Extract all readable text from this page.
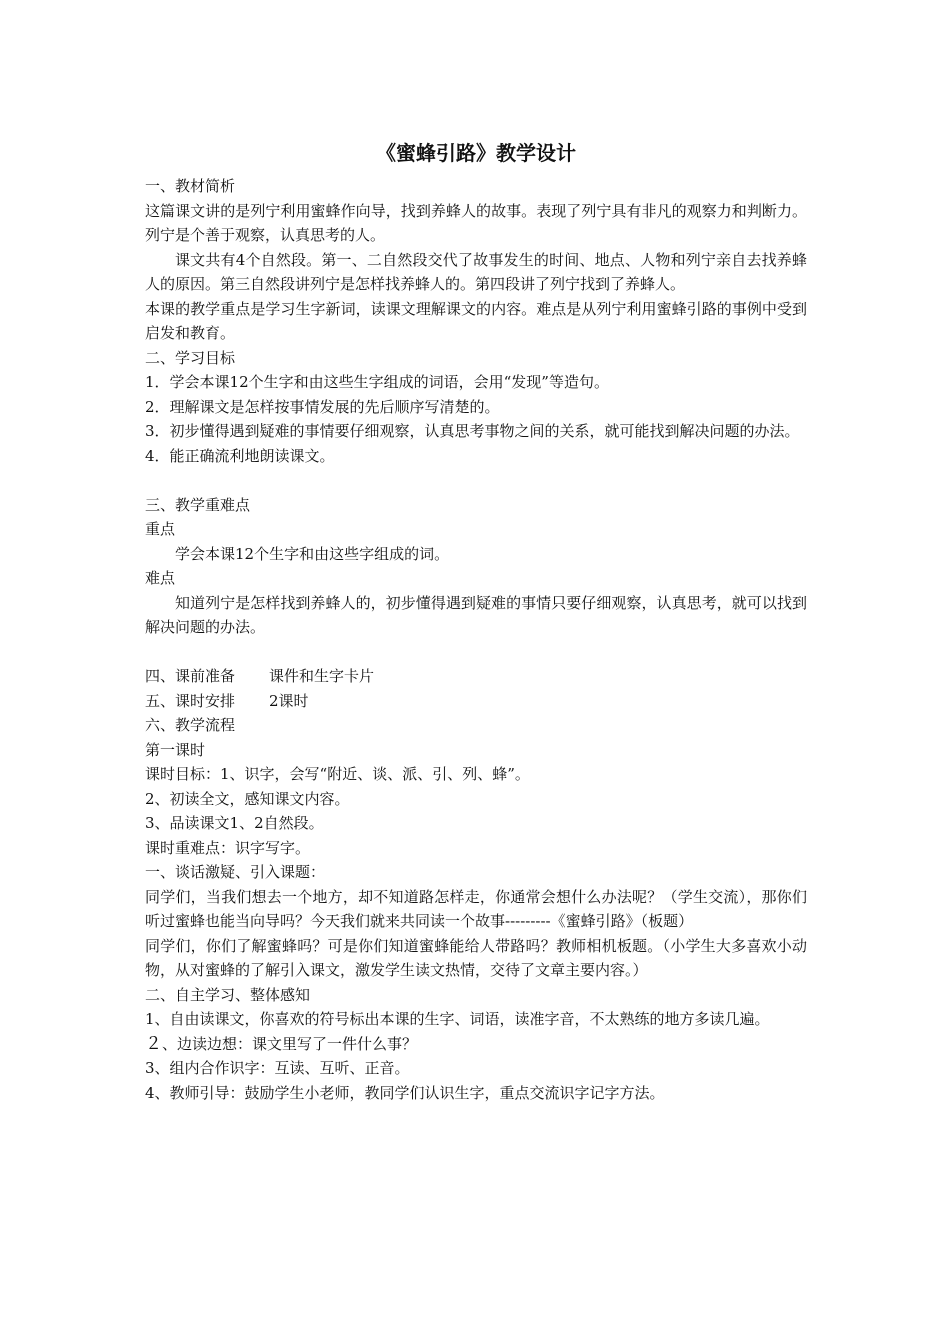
《蜜蜂引路》教学设计

一、教材简析

这篇课文讲的是列宁利用蜜蜂作向导，找到养蜂人的故事。表现了列宁具有非凡的观察力和判断力。列宁是个善于观察，认真思考的人。

课文共有4个自然段。第一、二自然段交代了故事发生的时间、地点、人物和列宁亲自去找养蜂人的原因。第三自然段讲列宁是怎样找养蜂人的。第四段讲了列宁找到了养蜂人。

本课的教学重点是学习生字新词，读课文理解课文的内容。难点是从列宁利用蜜蜂引路的事例中受到启发和教育。

二、学习目标

1．学会本课12个生字和由这些生字组成的词语，会用“发现”等造句。

2．理解课文是怎样按事情发展的先后顺序写清楚的。

3．初步懂得遇到疑难的事情要仔细观察，认真思考事物之间的关系，就可能找到解决问题的办法。

4．能正确流利地朗读课文。

三、教学重难点

重点

学会本课12个生字和由这些字组成的词。

难点

知道列宁是怎样找到养蜂人的，初步懂得遇到疑难的事情只要仔细观察，认真思考，就可以找到解决问题的办法。

四、课前准备 课件和生字卡片

五、课时安排 2课时

六、教学流程

第一课时

课时目标：1、识字，会写“附近、谈、派、引、列、蜂”。

2、初读全文，感知课文内容。

3、品读课文1、2自然段。

课时重难点：识字写字。

一、谈话激疑、引入课题：

同学们，当我们想去一个地方，却不知道路怎样走，你通常会想什么办法呢？（学生交流），那你们听过蜜蜂也能当向导吗？今天我们就来共同读一个故事---------《蜜蜂引路》（板题）

同学们，你们了解蜜蜂吗？可是你们知道蜜蜂能给人带路吗？教师相机板题。（小学生大多喜欢小动物，从对蜜蜂的了解引入课文，激发学生读文热情，交待了文章主要内容。）

二、自主学习、整体感知

1、自由读课文，你喜欢的符号标出本课的生字、词语，读准字音，不太熟练的地方多读几遍。

２、边读边想：课文里写了一件什么事？

3、组内合作识字：互读、互听、正音。

4、教师引导：鼓励学生小老师，教同学们认识生字，重点交流识字记字方法。
